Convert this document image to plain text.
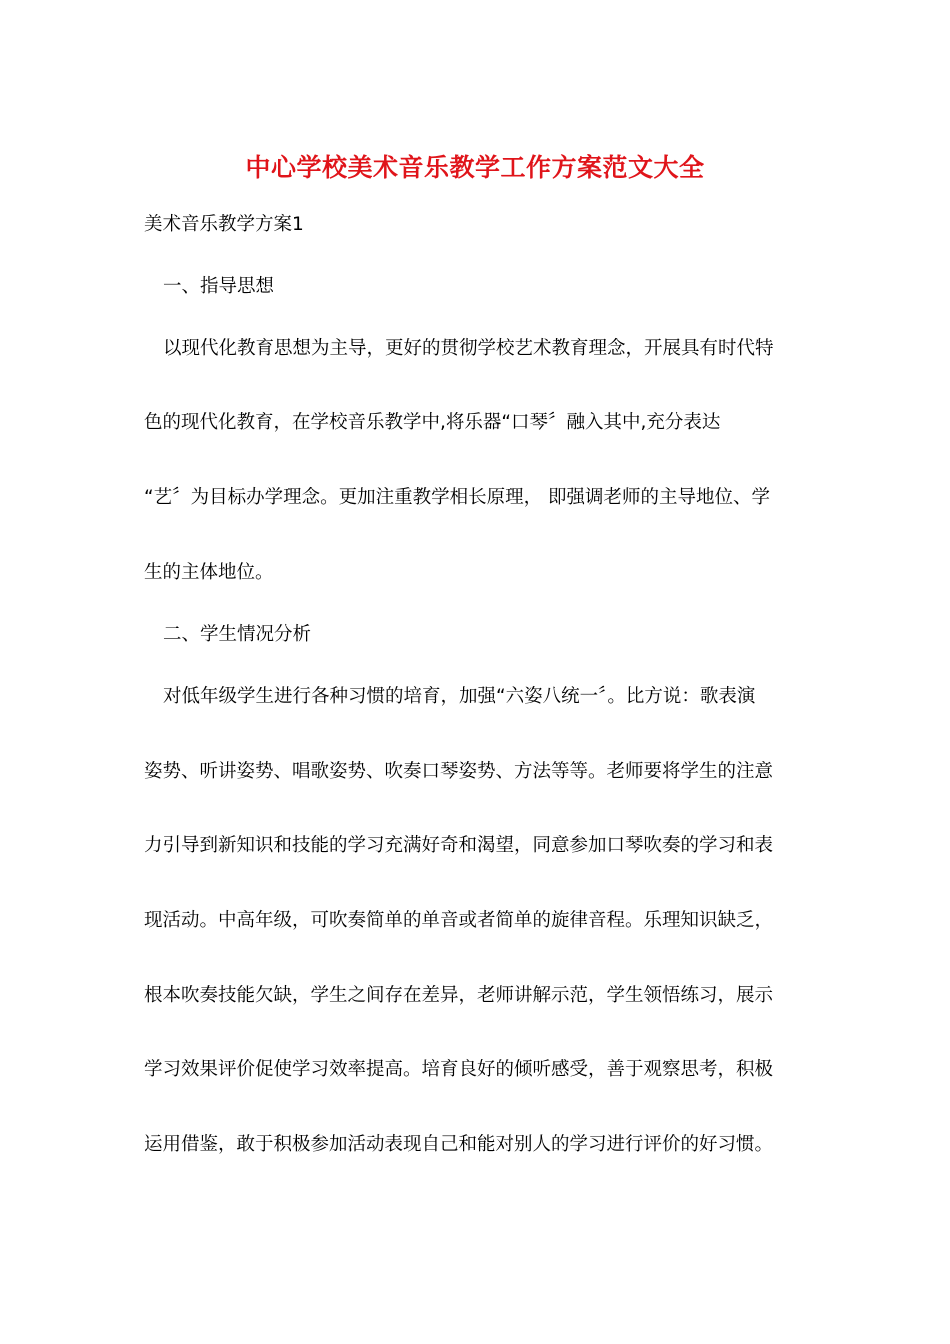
中心学校美术音乐教学工作方案范文大全
美术音乐教学方案1
一、指导思想
以现代化教育思想为主导，更好的贯彻学校艺术教育理念，开展具有时代特
色的现代化教育，在学校音乐教学中,将乐器“口琴〞融入其中,充分表达
“艺〞为目标办学理念。更加注重教学相长原理， 即强调老师的主导地位、学
生的主体地位。
二、学生情况分析
对低年级学生进行各种习惯的培育，加强“六姿八统一〞。比方说：歌表演
姿势、听讲姿势、唱歌姿势、吹奏口琴姿势、方法等等。老师要将学生的注意
力引导到新知识和技能的学习充满好奇和渴望，同意参加口琴吹奏的学习和表
现活动。中高年级，可吹奏简单的单音或者简单的旋律音程。乐理知识缺乏，
根本吹奏技能欠缺，学生之间存在差异，老师讲解示范，学生领悟练习，展示
学习效果评价促使学习效率提高。培育良好的倾听感受，善于观察思考，积极
运用借鉴，敢于积极参加活动表现自己和能对别人的学习进行评价的好习惯。
